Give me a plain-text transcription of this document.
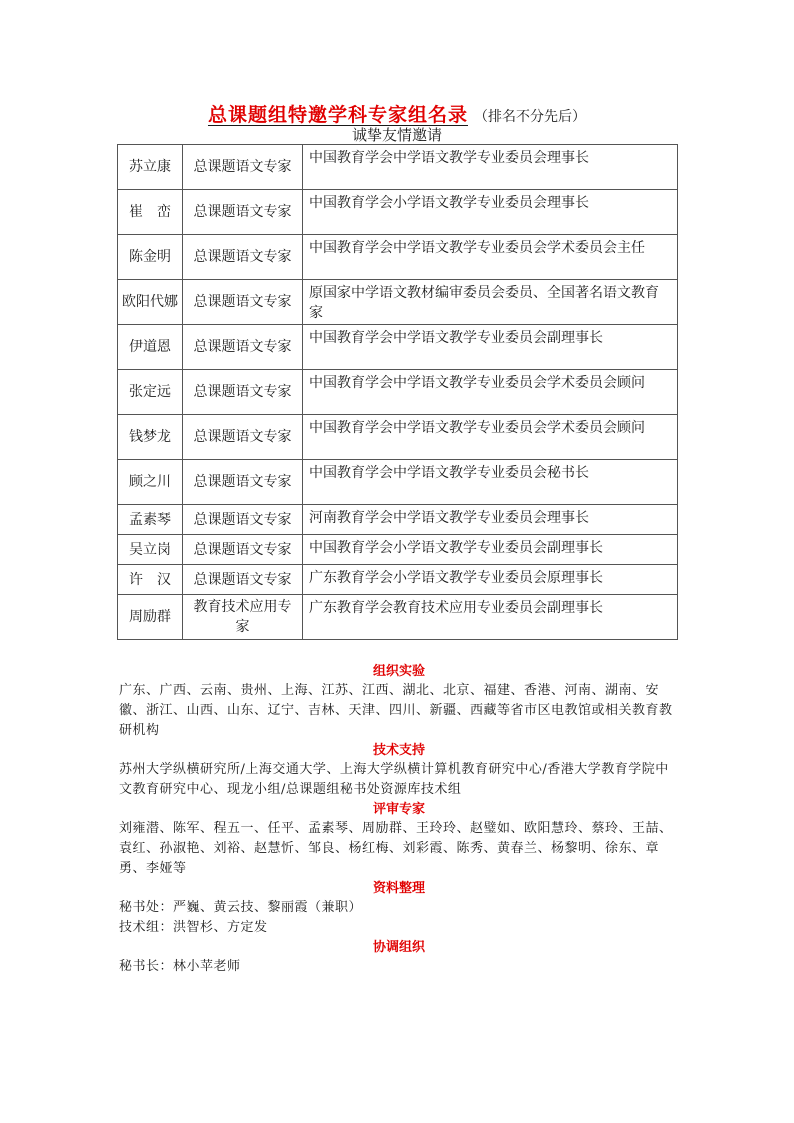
总课题组特邀学科专家组名录 （排名不分先后）
诚挚友情邀请
苏立康	总课题语文专家	中国教育学会中学语文教学专业委员会理事长
崔　峦	总课题语文专家	中国教育学会小学语文教学专业委员会理事长
陈金明	总课题语文专家	中国教育学会中学语文教学专业委员会学术委员会主任
欧阳代娜	总课题语文专家	原国家中学语文教材编审委员会委员、全国著名语文教育家
伊道恩	总课题语文专家	中国教育学会中学语文教学专业委员会副理事长
张定远	总课题语文专家	中国教育学会中学语文教学专业委员会学术委员会顾问
钱梦龙	总课题语文专家	中国教育学会中学语文教学专业委员会学术委员会顾问
顾之川	总课题语文专家	中国教育学会中学语文教学专业委员会秘书长
孟素琴	总课题语文专家	河南教育学会中学语文教学专业委员会理事长
吴立岗	总课题语文专家	中国教育学会小学语文教学专业委员会副理事长
许　汉	总课题语文专家	广东教育学会小学语文教学专业委员会原理事长
周励群	教育技术应用专家	广东教育学会教育技术应用专业委员会副理事长
组织实验
广东、广西、云南、贵州、上海、江苏、江西、湖北、北京、福建、香港、河南、湖南、安徽、浙江、山西、山东、辽宁、吉林、天津、四川、新疆、西藏等省市区电教馆或相关教育教研机构
技术支持
苏州大学纵横研究所/上海交通大学、上海大学纵横计算机教育研究中心/香港大学教育学院中文教育研究中心、现龙小组/总课题组秘书处资源库技术组
评审专家
刘雍潜、陈军、程五一、任平、孟素琴、周励群、王玲玲、赵璧如、欧阳慧玲、蔡玲、王喆、袁红、孙淑艳、刘裕、赵慧忻、邹良、杨红梅、刘彩霞、陈秀、黄春兰、杨黎明、徐东、章勇、李娅等
资料整理
秘书处：严巍、黄云技、黎丽霞（兼职）
技术组：洪智杉、方定发
协调组织
秘书长：林小苹老师
